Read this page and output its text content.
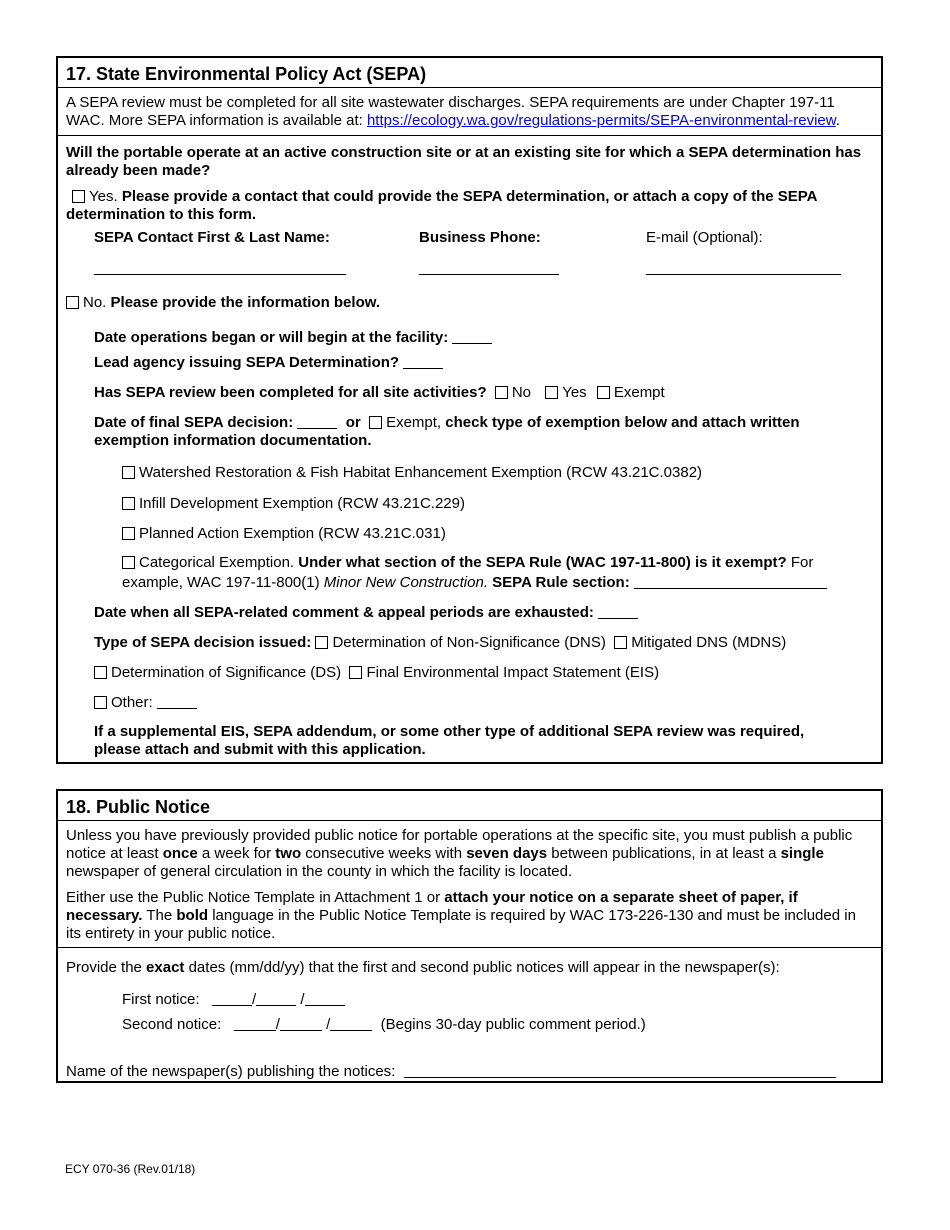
17. State Environmental Policy Act (SEPA)
A SEPA review must be completed for all site wastewater discharges. SEPA requirements are under Chapter 197-11 WAC. More SEPA information is available at: https://ecology.wa.gov/regulations-permits/SEPA-environmental-review.
Will the portable operate at an active construction site or at an existing site for which a SEPA determination has already been made?
Yes. Please provide a contact that could provide the SEPA determination, or attach a copy of the SEPA determination to this form.
SEPA Contact First & Last Name:	Business Phone:	E-mail (Optional):
No. Please provide the information below.
Date operations began or will begin at the facility:
Lead agency issuing SEPA Determination?
Has SEPA review been completed for all site activities? No Yes Exempt
Date of final SEPA decision:	or Exempt, check type of exemption below and attach written exemption information documentation.
Watershed Restoration & Fish Habitat Enhancement Exemption (RCW 43.21C.0382)
Infill Development Exemption (RCW 43.21C.229)
Planned Action Exemption (RCW 43.21C.031)
Categorical Exemption. Under what section of the SEPA Rule (WAC 197-11-800) is it exempt? For
example, WAC 197-11-800(1) Minor New Construction. SEPA Rule section:
Date when all SEPA-related comment & appeal periods are exhausted:
Type of SEPA decision issued: Determination of Non-Significance (DNS) Mitigated DNS (MDNS)
Determination of Significance (DS) Final Environmental Impact Statement (EIS)
Other:
If a supplemental EIS, SEPA addendum, or some other type of additional SEPA review was required, please attach and submit with this application.
18. Public Notice
Unless you have previously provided public notice for portable operations at the specific site, you must publish a public notice at least once a week for two consecutive weeks with seven days between publications, in at least a single newspaper of general circulation in the county in which the facility is located.
Either use the Public Notice Template in Attachment 1 or attach your notice on a separate sheet of paper, if necessary. The bold language in the Public Notice Template is required by WAC 173-226-130 and must be included in its entirety in your public notice.
Provide the exact dates (mm/dd/yy) that the first and second public notices will appear in the newspaper(s):
First notice:	/	/
Second notice:	/	/	(Begins 30-day public comment period.)
Name of the newspaper(s) publishing the notices:
ECY 070-36 (Rev.01/18)
